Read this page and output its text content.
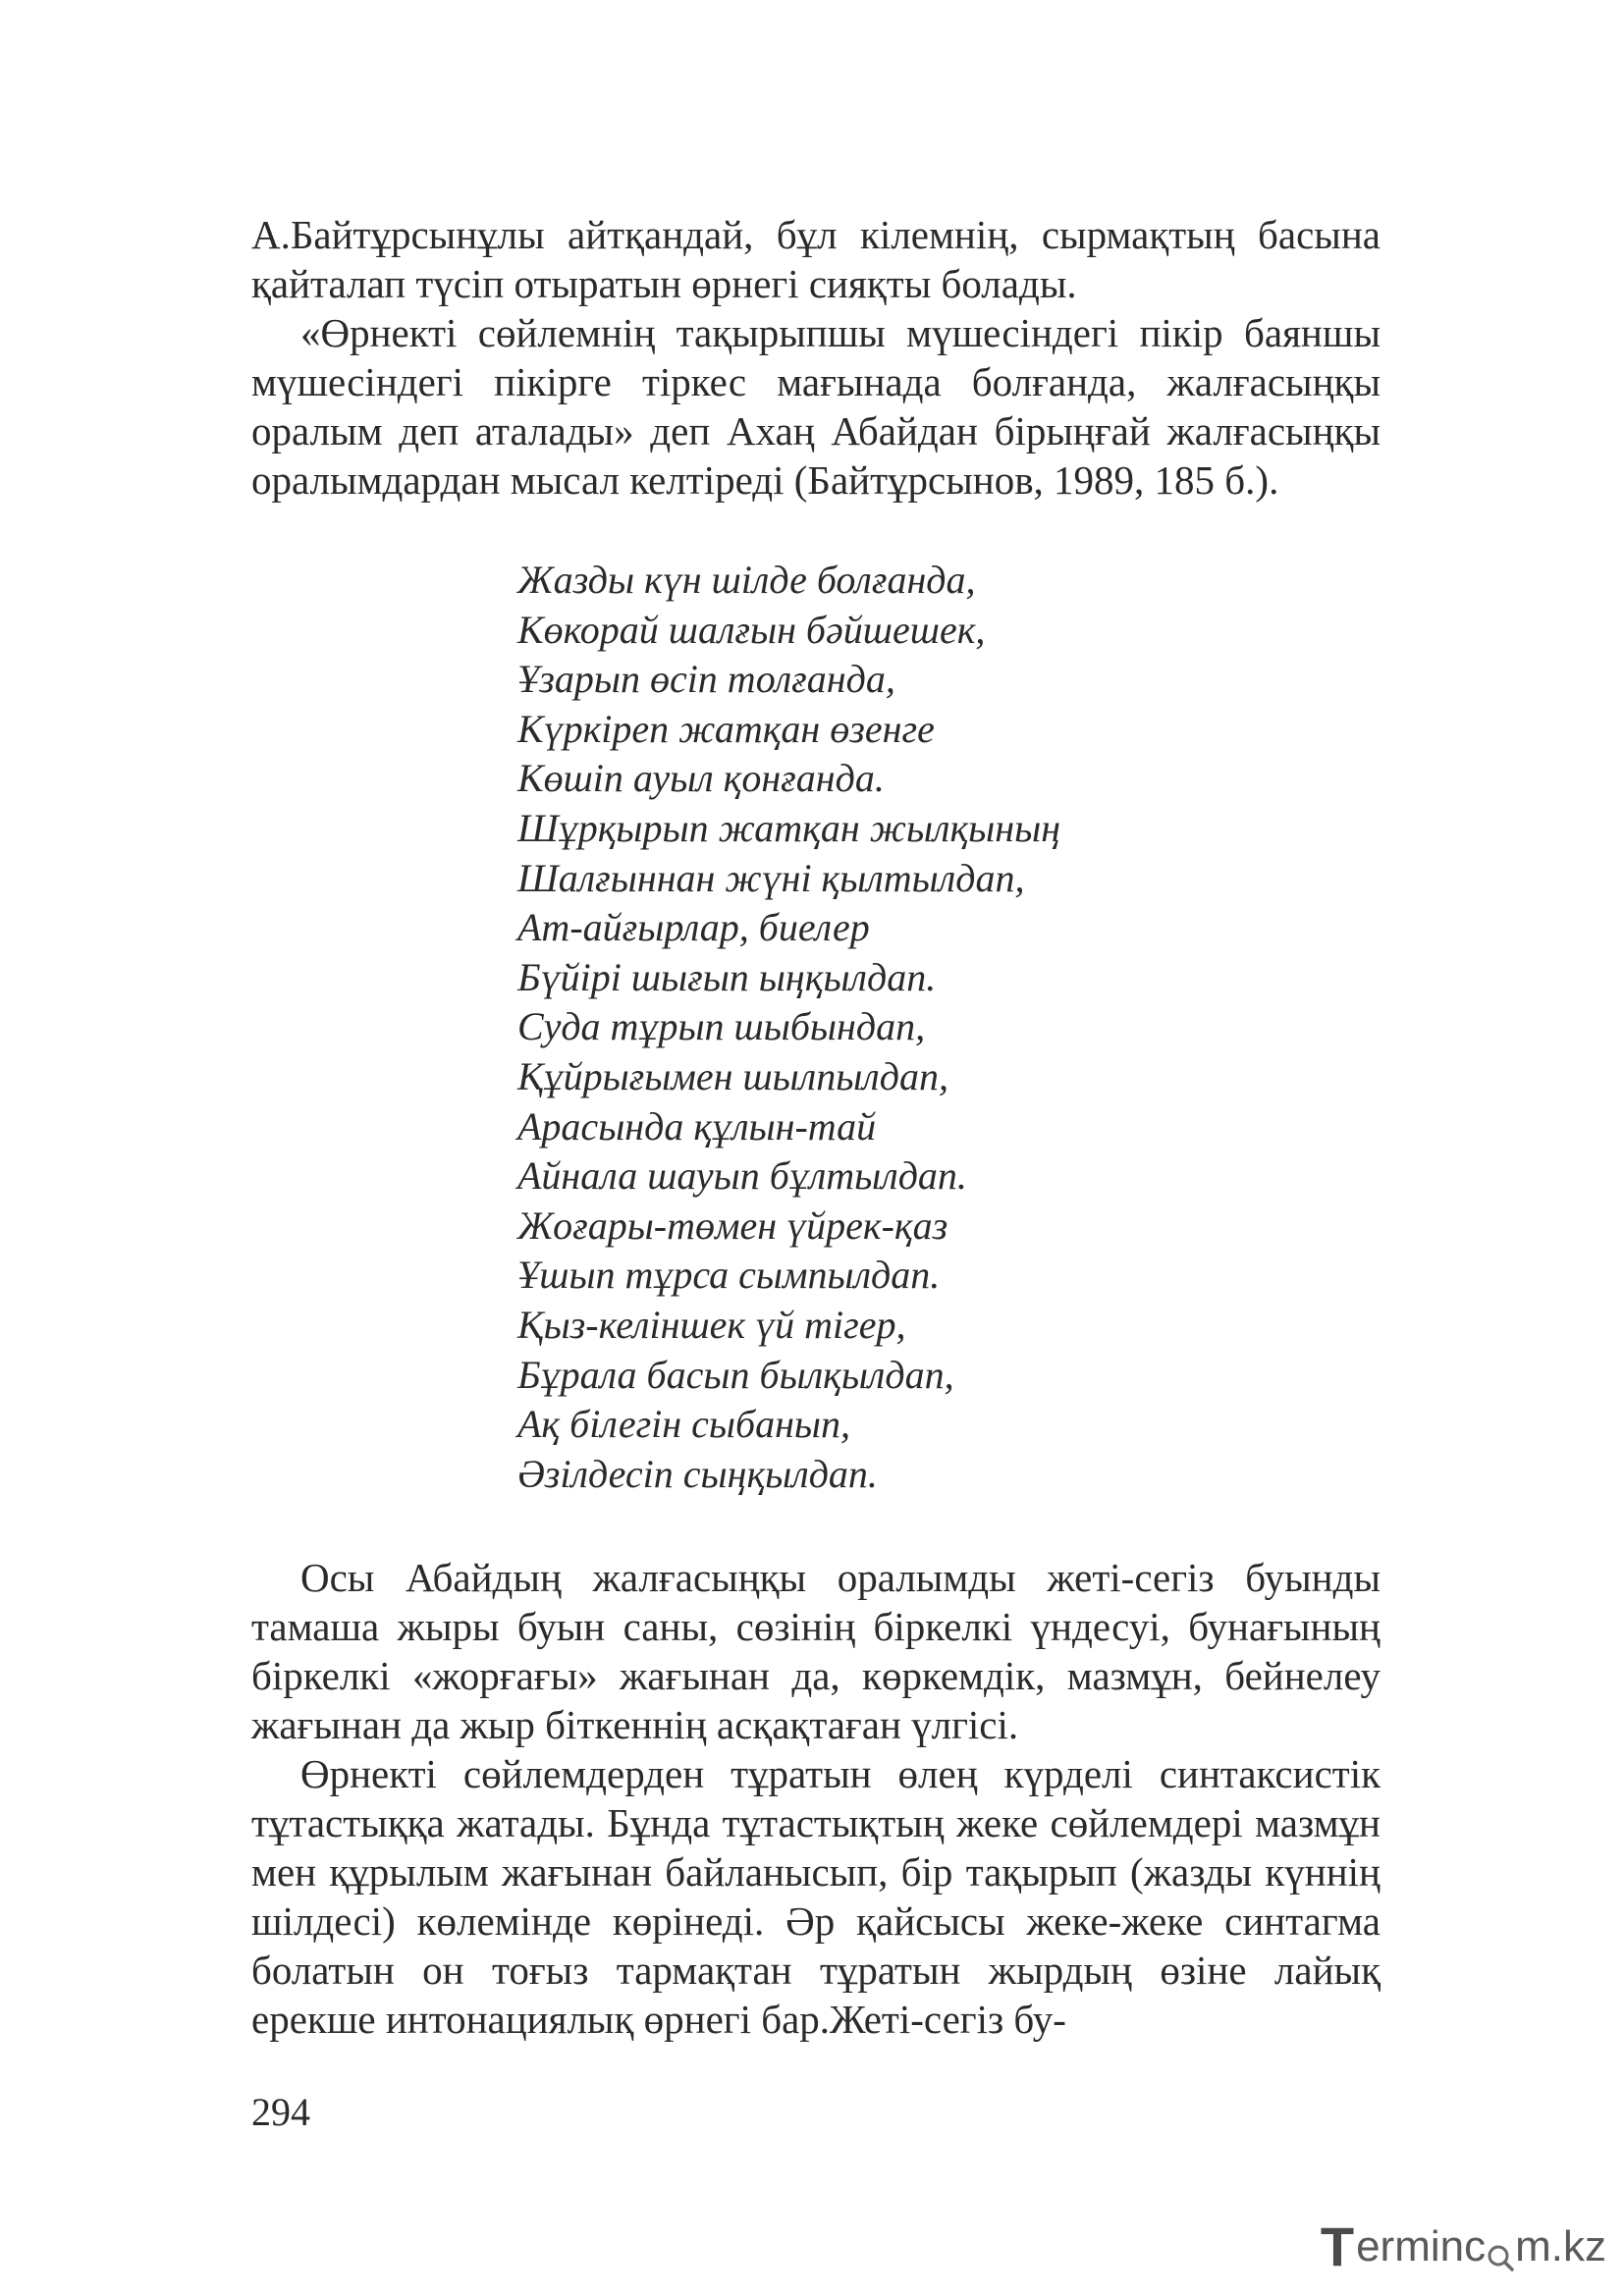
А.Байтұрсынұлы айтқандай, бұл кілемнің, сырмақтың басына қайталап түсіп отыратын өрнегі сияқты болады.

«Өрнекті сөйлемнің тақырыпшы мүшесіндегі пікір баяншы мүшесіндегі пікірге тіркес мағынада болғанда, жалғасыңқы оралым деп аталады» деп Ахаң Абайдан бірыңғай жалғасыңқы оралымдардан мысал келтіреді (Байтұрсынов, 1989, 185 б.).

Жазды күн шілде болғанда,
Көкорай шалғын бәйшешек,
Ұзарып өсіп толғанда,
Күркіреп жатқан өзенге
Көшіп ауыл қонғанда.
Шұрқырып жатқан жылқының
Шалғыннан жүні қылтылдап,
Ат-айғырлар, биелер
Бүйірі шығып ыңқылдап.
Суда тұрып шыбындап,
Құйрығымен шылпылдап,
Арасында құлын-тай
Айнала шауып бұлтылдап.
Жоғары-төмен үйрек-қаз
Ұшып тұрса сымпылдап.
Қыз-келіншек үй тігер,
Бұрала басып былқылдап,
Ақ білегін сыбанып,
Әзілдесіп сыңқылдап.

Осы Абайдың жалғасыңқы оралымды жеті-сегіз буынды тамаша жыры буын саны, сөзінің біркелкі үндесуі, бунағының біркелкі «жорғағы» жағынан да, көркемдік, мазмұн, бейнелеу жағынан да жыр біткеннің асқақтаған үлгісі.

Өрнекті сөйлемдерден тұратын өлең күрделі синтаксистік тұтастыққа жатады. Бұнда тұтастықтың жеке сөйлемдері мазмұн мен құрылым жағынан байланысып, бір тақырып (жазды күннің шілдесі) көлемінде көрінеді. Әр қайсысы жеке-жеке синтагма болатын он тоғыз тармақтан тұратын жырдың өзіне лайық ерекше интонациялық өрнегі бар.Жеті-сегіз бу-

294
T erminc m.kz
